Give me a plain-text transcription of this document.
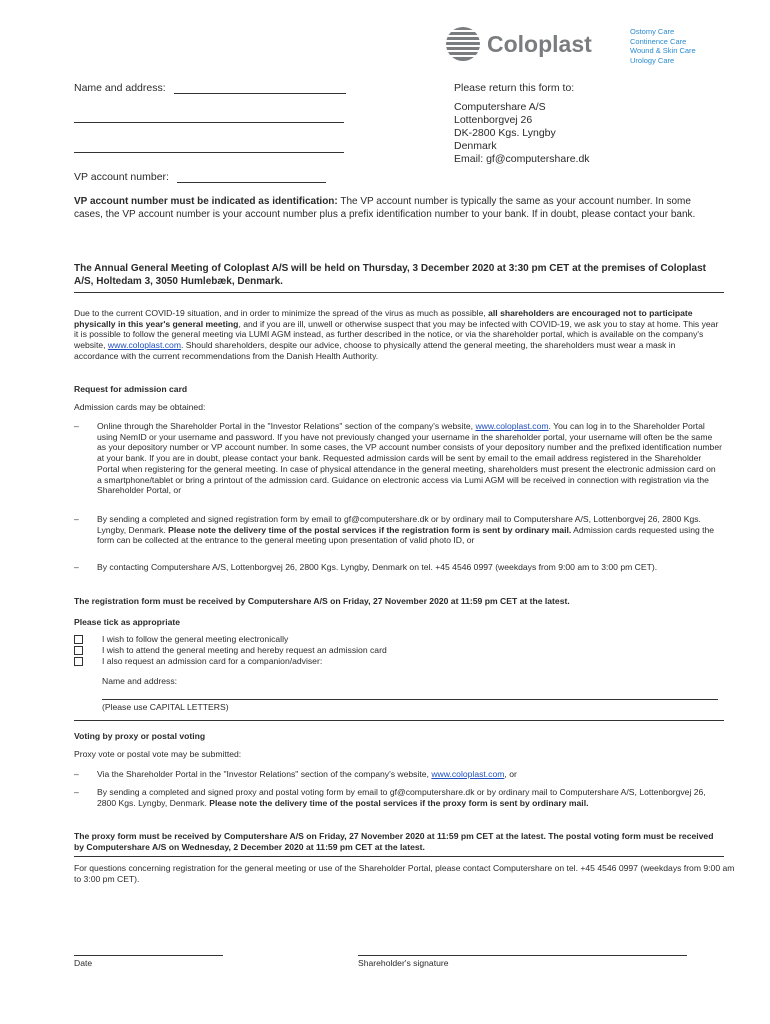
Coloplast	Ostomy Care
Continence Care
Wound & Skin Care
Urology Care
Name and address:
VP account number:
Please return this form to:
Computershare A/S
Lottenborgvej 26
DK-2800 Kgs. Lyngby
Denmark
Email: gf@computershare.dk
VP account number must be indicated as identification: The VP account number is typically the same as your account number. In some cases, the VP account number is your account number plus a prefix identification number to your bank. If in doubt, please contact your bank.
The Annual General Meeting of Coloplast A/S will be held on Thursday, 3 December 2020 at 3:30 pm CET at the premises of Coloplast A/S, Holtedam 3, 3050 Humlebæk, Denmark.
Due to the current COVID-19 situation, and in order to minimize the spread of the virus as much as possible, all shareholders are encouraged not to participate physically in this year's general meeting, and if you are ill, unwell or otherwise suspect that you may be infected with COVID-19, we ask you to stay at home. This year it is possible to follow the general meeting via LUMI AGM instead, as further described in the notice, or via the shareholder portal, which is available on the company's website, www.coloplast.com. Should shareholders, despite our advice, choose to physically attend the general meeting, the shareholders must wear a mask in accordance with the current recommendations from the Danish Health Authority.
Request for admission card
Admission cards may be obtained:
– Online through the Shareholder Portal in the "Investor Relations" section of the company's website, www.coloplast.com. You can log in to the Shareholder Portal using NemID or your username and password. If you have not previously changed your username in the shareholder portal, your username will often be the same as your depository number or VP account number. In some cases, the VP account number consists of your depository number and the prefixed identification number at your bank. If you are in doubt, please contact your bank. Requested admission cards will be sent by email to the email address registered in the Shareholder Portal when registering for the general meeting. In case of physical attendance in the general meeting, shareholders must present the electronic admission card on a smartphone/tablet or bring a printout of the admission card. Guidance on electronic access via Lumi AGM will be received in connection with registration via the Shareholder Portal, or
– By sending a completed and signed registration form by email to gf@computershare.dk or by ordinary mail to Computershare A/S, Lottenborgvej 26, 2800 Kgs. Lyngby, Denmark. Please note the delivery time of the postal services if the registration form is sent by ordinary mail. Admission cards requested using the form can be collected at the entrance to the general meeting upon presentation of valid photo ID, or
– By contacting Computershare A/S, Lottenborgvej 26, 2800 Kgs. Lyngby, Denmark on tel. +45 4546 0997 (weekdays from 9:00 am to 3:00 pm CET).
The registration form must be received by Computershare A/S on Friday, 27 November 2020 at 11:59 pm CET at the latest.
Please tick as appropriate
I wish to follow the general meeting electronically
I wish to attend the general meeting and hereby request an admission card
I also request an admission card for a companion/adviser:
Name and address:
(Please use CAPITAL LETTERS)
Voting by proxy or postal voting
Proxy vote or postal vote may be submitted:
– Via the Shareholder Portal in the "Investor Relations" section of the company's website, www.coloplast.com, or
– By sending a completed and signed proxy and postal voting form by email to gf@computershare.dk or by ordinary mail to Computershare A/S, Lottenborgvej 26, 2800 Kgs. Lyngby, Denmark. Please note the delivery time of the postal services if the proxy form is sent by ordinary mail.
The proxy form must be received by Computershare A/S on Friday, 27 November 2020 at 11:59 pm CET at the latest. The postal voting form must be received by Computershare A/S on Wednesday, 2 December 2020 at 11:59 pm CET at the latest.
For questions concerning registration for the general meeting or use of the Shareholder Portal, please contact Computershare on tel. +45 4546 0997 (weekdays from 9:00 am to 3:00 pm CET).
Date	Shareholder's signature
